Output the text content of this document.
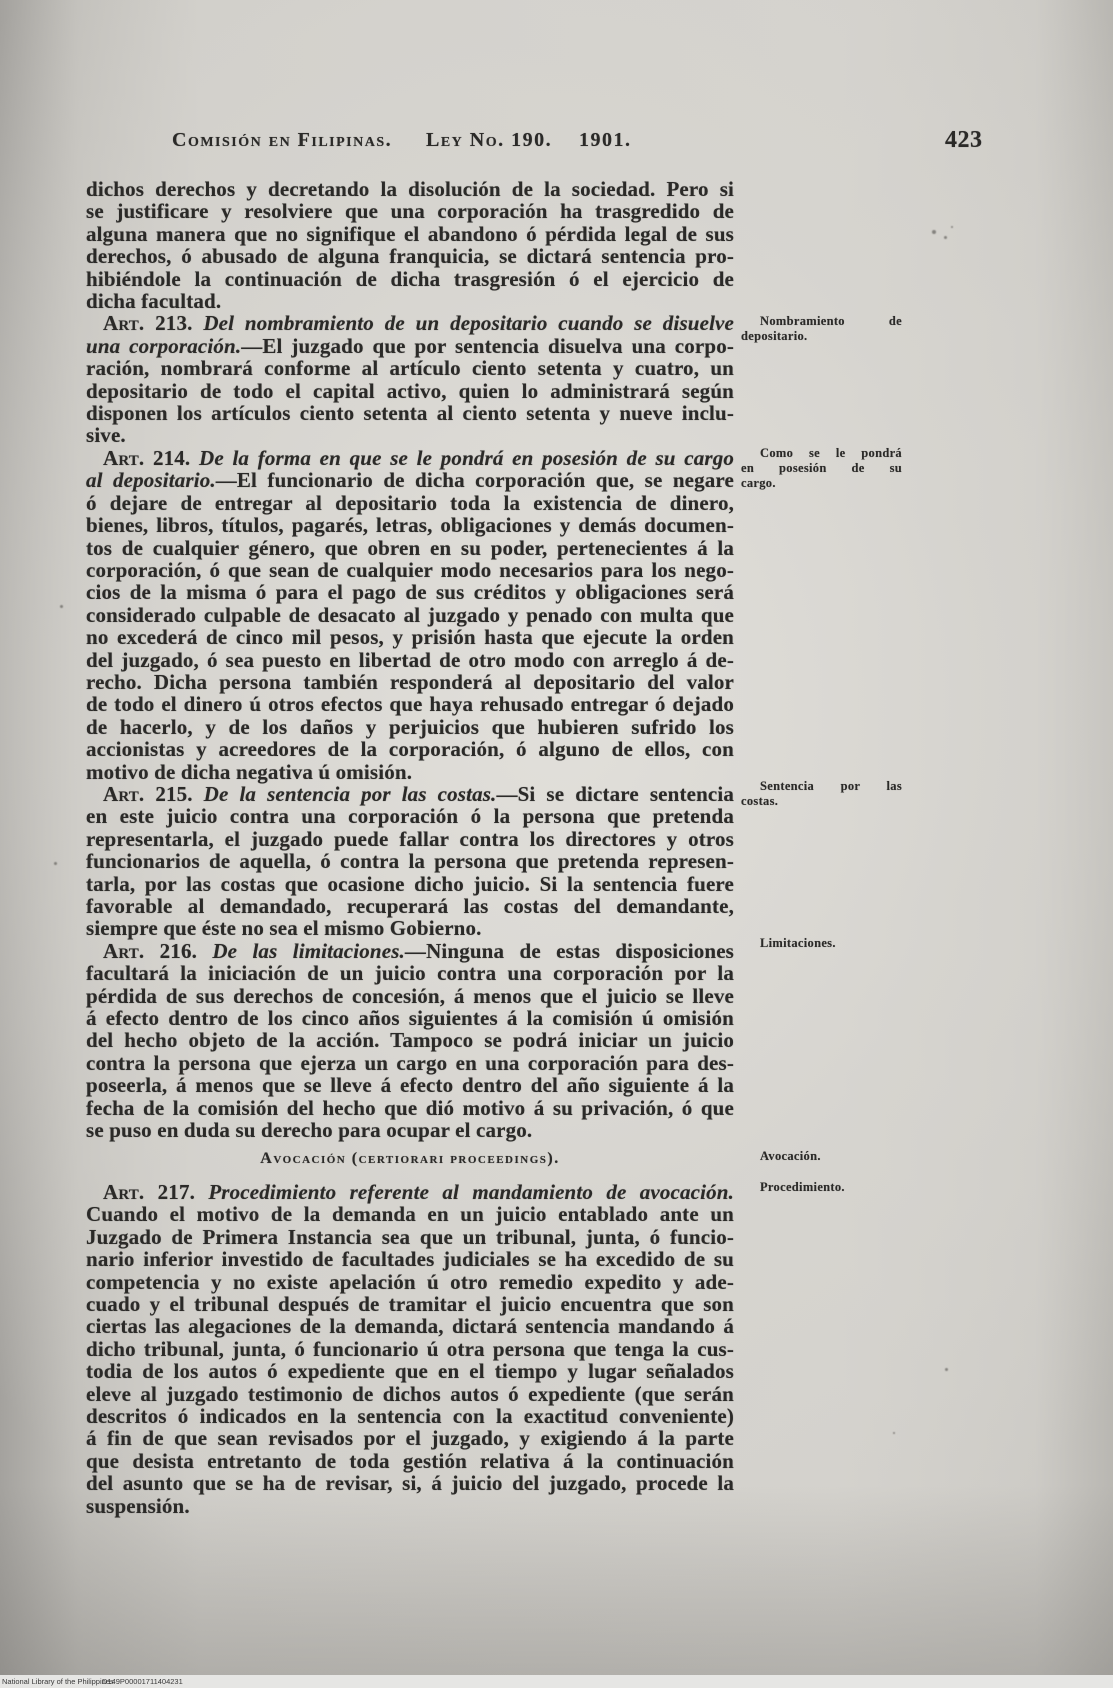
Comisión en Filipinas. Ley No. 190. 1901.	423
dichos derechos y decretando la disolución de la sociedad. Pero si
se justificare y resolviere que una corporación ha trasgredido de
alguna manera que no signifique el abandono ó pérdida legal de sus
derechos, ó abusado de alguna franquicia, se dictará sentencia pro-
hibiéndole la continuación de dicha trasgresión ó el ejercicio de
dicha facultad.
Art. 213. Del nombramiento de un depositario cuando se disuelve
una corporación.—El juzgado que por sentencia disuelva una corpo-
ración, nombrará conforme al artículo ciento setenta y cuatro, un
depositario de todo el capital activo, quien lo administrará según
disponen los artículos ciento setenta al ciento setenta y nueve inclu-
sive.
Art. 214. De la forma en que se le pondrá en posesión de su cargo
al depositario.—El funcionario de dicha corporación que, se negare
ó dejare de entregar al depositario toda la existencia de dinero,
bienes, libros, títulos, pagarés, letras, obligaciones y demás documen-
tos de cualquier género, que obren en su poder, pertenecientes á la
corporación, ó que sean de cualquier modo necesarios para los nego-
cios de la misma ó para el pago de sus créditos y obligaciones será
considerado culpable de desacato al juzgado y penado con multa que
no excederá de cinco mil pesos, y prisión hasta que ejecute la orden
del juzgado, ó sea puesto en libertad de otro modo con arreglo á de-
recho. Dicha persona también responderá al depositario del valor
de todo el dinero ú otros efectos que haya rehusado entregar ó dejado
de hacerlo, y de los daños y perjuicios que hubieren sufrido los
accionistas y acreedores de la corporación, ó alguno de ellos, con
motivo de dicha negativa ú omisión.
Art. 215. De la sentencia por las costas.—Si se dictare sentencia
en este juicio contra una corporación ó la persona que pretenda
representarla, el juzgado puede fallar contra los directores y otros
funcionarios de aquella, ó contra la persona que pretenda represen-
tarla, por las costas que ocasione dicho juicio. Si la sentencia fuere
favorable al demandado, recuperará las costas del demandante,
siempre que éste no sea el mismo Gobierno.
Art. 216. De las limitaciones.—Ninguna de estas disposiciones
facultará la iniciación de un juicio contra una corporación por la
pérdida de sus derechos de concesión, á menos que el juicio se lleve
á efecto dentro de los cinco años siguientes á la comisión ú omisión
del hecho objeto de la acción. Tampoco se podrá iniciar un juicio
contra la persona que ejerza un cargo en una corporación para des-
poseerla, á menos que se lleve á efecto dentro del año siguiente á la
fecha de la comisión del hecho que dió motivo á su privación, ó que
se puso en duda su derecho para ocupar el cargo.
Avocación (certiorari proceedings).
Art. 217. Procedimiento referente al mandamiento de avocación.
Cuando el motivo de la demanda en un juicio entablado ante un
Juzgado de Primera Instancia sea que un tribunal, junta, ó funcio-
nario inferior investido de facultades judiciales se ha excedido de su
competencia y no existe apelación ú otro remedio expedito y ade-
cuado y el tribunal después de tramitar el juicio encuentra que son
ciertas las alegaciones de la demanda, dictará sentencia mandando á
dicho tribunal, junta, ó funcionario ú otra persona que tenga la cus-
todia de los autos ó expediente que en el tiempo y lugar señalados
eleve al juzgado testimonio de dichos autos ó expediente (que serán
descritos ó indicados en la sentencia con la exactitud conveniente)
á fin de que sean revisados por el juzgado, y exigiendo á la parte
que desista entretanto de toda gestión relativa á la continuación
del asunto que se ha de revisar, si, á juicio del juzgado, procede la
suspensión.
Nombramiento de
depositario.
Como se le pondrá
en posesión de su
cargo.
Sentencia por las
costas.
Limitaciones.
Avocación.
Procedimiento.
National Library of the Philippines
D149P00001711404231
